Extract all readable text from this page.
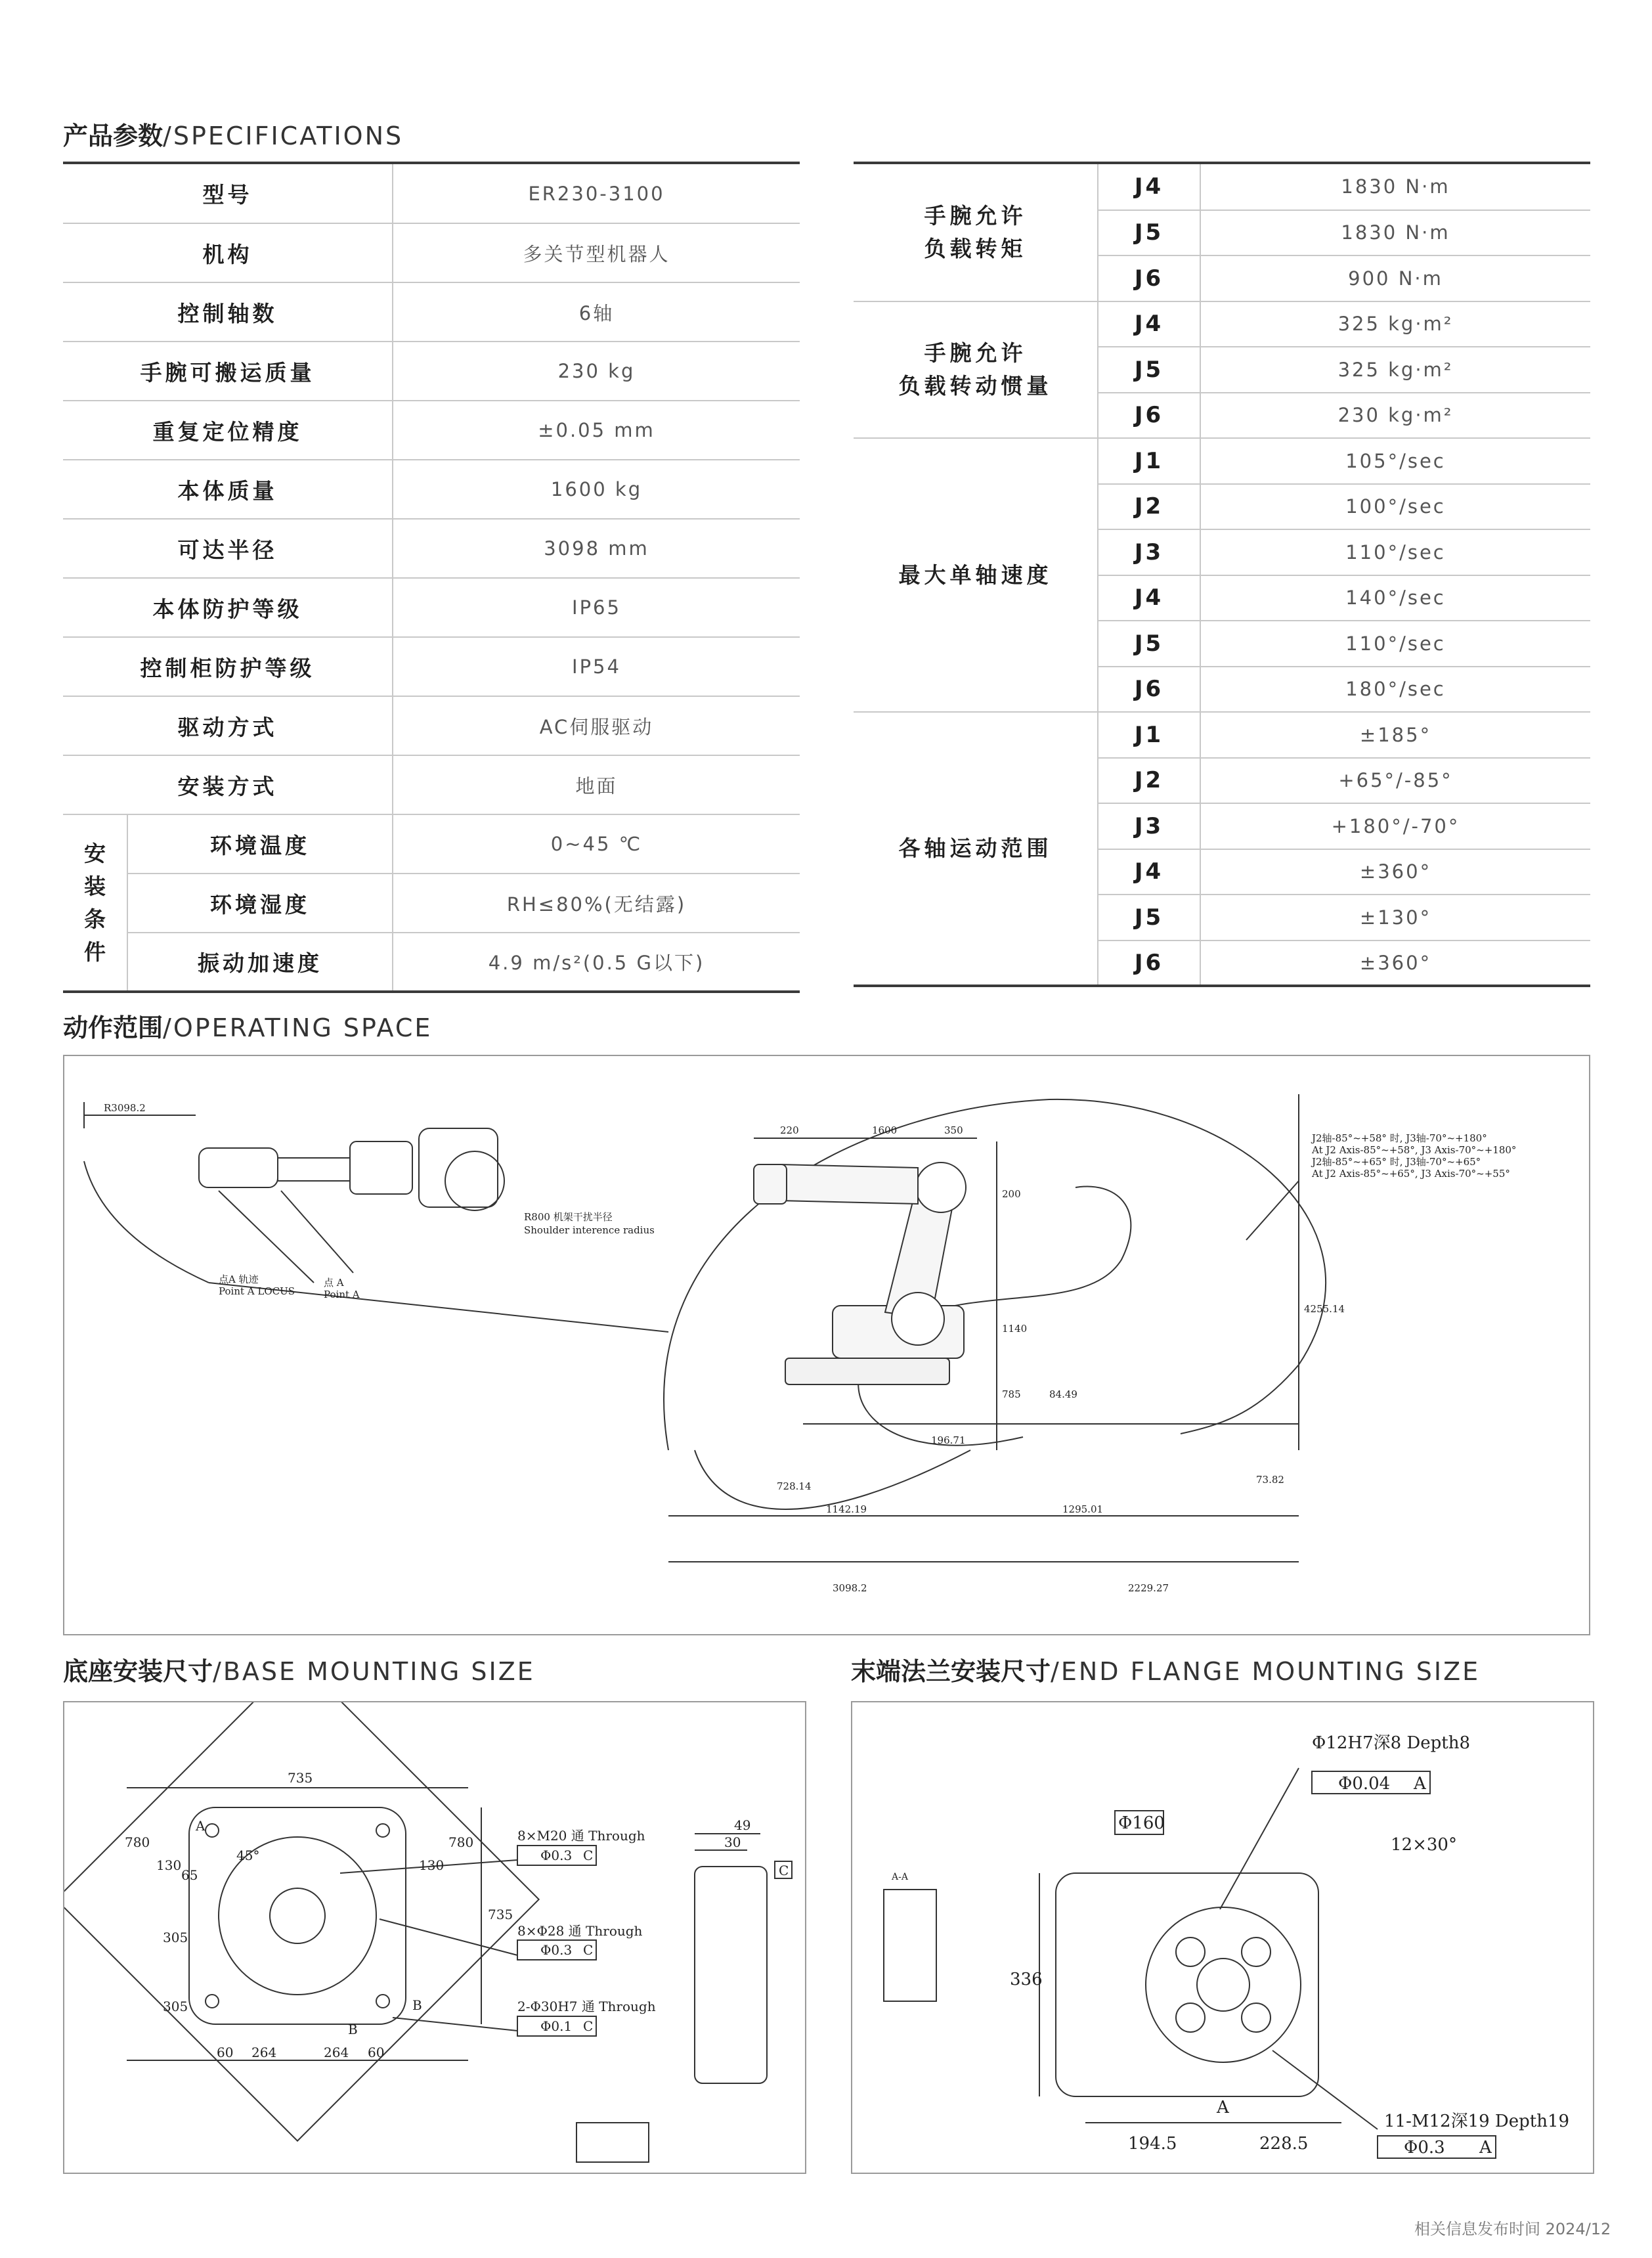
产品参数/SPECIFICATIONS
型号		ER230-3100
机构		多关节型机器人
控制轴数		6轴
手腕可搬运质量		230 kg
重复定位精度		±0.05 mm
本体质量		1600 kg
可达半径		3098 mm
本体防护等级		IP65
控制柜防护等级		IP54
驱动方式		AC伺服驱动
安装方式		地面

安
装
条
件	环境温度	0~45 ℃
	环境湿度	RH≤80%(无结露)
	振动加速度	4.9 m/s²(0.5 G以下)
手腕允许
负载转矩	J4	1830 N·m
	J5	1830 N·m
	J6	900 N·m

手腕允许
负载转动惯量	J4	325 kg·m²
	J5	325 kg·m²
	J6	230 kg·m²

最大单轴速度	J1	105°/sec
	J2	100°/sec
	J3	110°/sec
	J4	140°/sec
	J5	110°/sec
	J6	180°/sec

各轴运动范围	J1	±185°
	J2	+65°/-85°
	J3	+180°/-70°
	J4	±360°
	J5	±130°
	J6	±360°
动作范围/OPERATING SPACE
R3098.2
R800 机架干扰半径
Shoulder interence radius
点A 轨迹
Point A LOCUS
点 A
Point A
J2轴-85°~+58° 时, J3轴-70°~+180°
At J2 Axis-85°~+58°, J3 Axis-70°~+180°
J2轴-85°~+65° 时, J3轴-70°~+65°
At J2 Axis-85°~+65°, J3 Axis-70°~+55°
220	1600	350
200
1140
785	84.49
196.71
4255.14
73.82
728.14
1142.19	1295.01
3098.2	2229.27
底座安装尺寸/BASE MOUNTING SIZE
735
780	780
130	130
65
45°
305
305
735
60 264	264 60
49
30
8×M20 通 Through
Φ0.3 C
8×Φ28 通 Through
Φ0.3 C
2-Φ30H7 通 Through
Φ0.1 C
C
A
B
B
末端法兰安装尺寸/END FLANGE MOUNTING SIZE
Φ12H7深8 Depth8
Φ0.04 A
Φ160
12×30°
336
11-M12深19 Depth19
Φ0.3 A
194.5	228.5
A
A-A
相关信息发布时间 2024/12
